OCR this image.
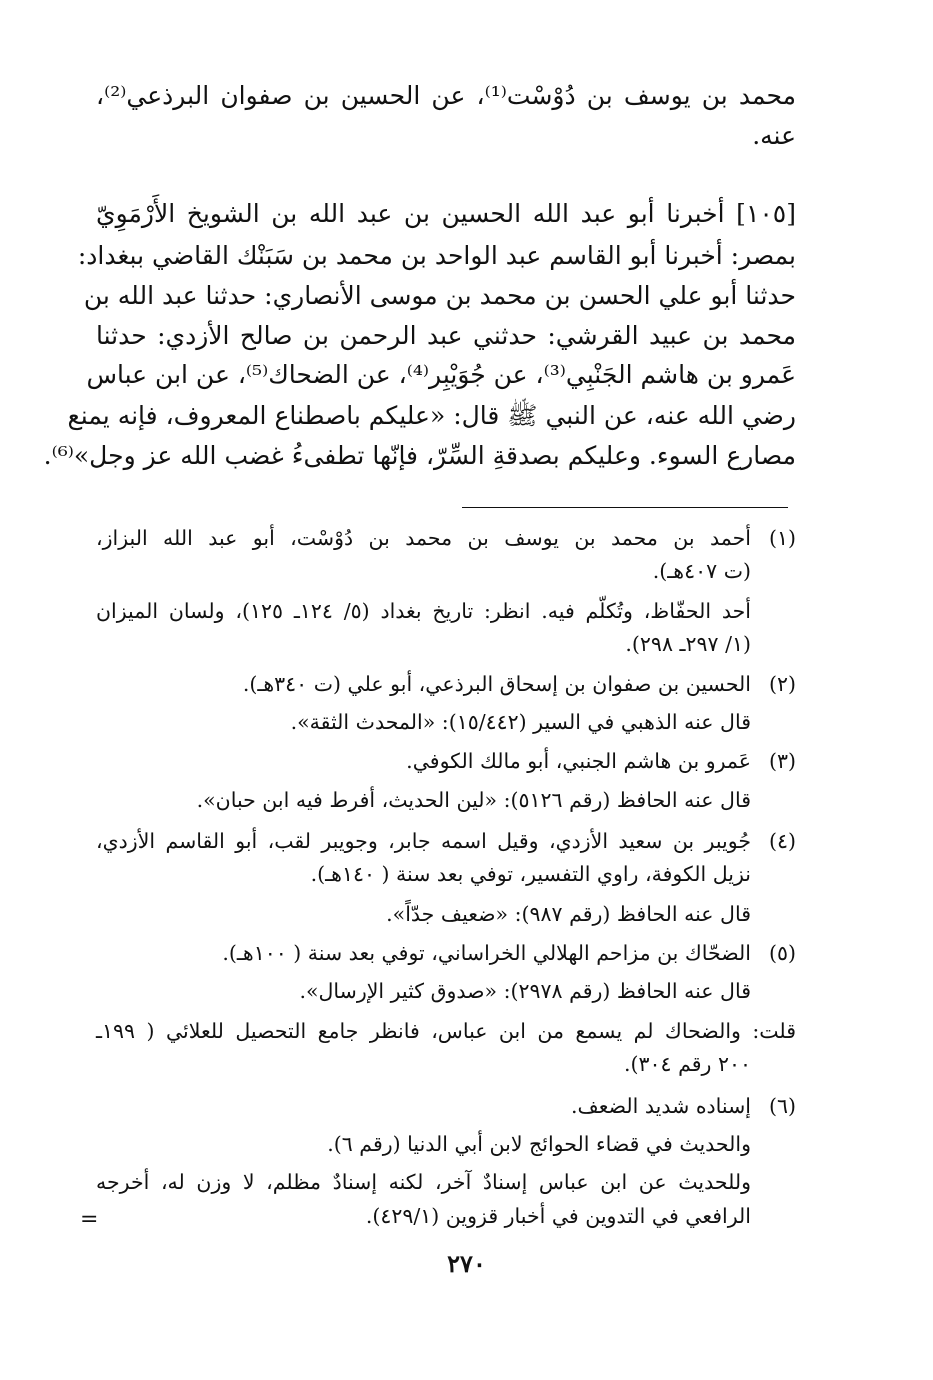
محمد بن يوسف بن دُوْسْت⁽¹⁾، عن الحسين بن صفوان البرذعي⁽²⁾،
عنه.
[١٠٥] أخبرنا أبو عبد الله الحسين بن عبد الله بن الشويخ الأَرْمَوِيّ
بمصر: أخبرنا أبو القاسم عبد الواحد بن محمد بن سَبَنْك القاضي ببغداد:
حدثنا أبو علي الحسن بن محمد بن موسى الأنصاري: حدثنا عبد الله بن
محمد بن عبيد القرشي: حدثني عبد الرحمن بن صالح الأزدي: حدثنا
عَمرو بن هاشم الجَنْبِي⁽³⁾، عن جُوَيْبِر⁽⁴⁾، عن الضحاك⁽⁵⁾، عن ابن عباس
رضي الله عنه، عن النبي ﷺ قال: «عليكم باصطناع المعروف، فإنه يمنع
مصارع السوء. وعليكم بصدقةِ السِّرّ، فإنّها تطفىءُ غضب الله عز وجل»⁽⁶⁾.
(١)
أحمد بن محمد بن يوسف بن محمد بن دُوْسْت، أبو عبد الله البزاز،
(ت ٤٠٧هـ).
أحد الحفّاظ، وتُكلّم فيه. انظر: تاريخ بغداد (٥/ ١٢٤ـ ١٢٥)، ولسان الميزان
(١/ ٢٩٧ـ ٢٩٨).
(٢)
الحسين بن صفوان بن إسحاق البرذعي، أبو علي (ت ٣٤٠هـ).
قال عنه الذهبي في السير (١٥/٤٤٢): «المحدث الثقة».
(٣)
عَمرو بن هاشم الجنبي، أبو مالك الكوفي.
قال عنه الحافظ (رقم ٥١٢٦): «لين الحديث، أفرط فيه ابن حبان».
(٤)
جُويبر بن سعيد الأزدي، وقيل اسمه جابر، وجويبر لقب، أبو القاسم الأزدي،
نزيل الكوفة، راوي التفسير، توفي بعد سنة ( ١٤٠هـ).
قال عنه الحافظ (رقم ٩٨٧): «ضعيف جدّاً».
(٥)
الضحّاك بن مزاحم الهلالي الخراساني، توفي بعد سنة ( ١٠٠هـ).
قال عنه الحافظ (رقم ٢٩٧٨): «صدوق كثير الإرسال».
قلت: والضحاك لم يسمع من ابن عباس، فانظر جامع التحصيل للعلائي ( ١٩٩ـ
٢٠٠ رقم ٣٠٤).
(٦)
إسناده شديد الضعف.
والحديث في قضاء الحوائج لابن أبي الدنيا (رقم ٦).
وللحديث عن ابن عباس إسنادٌ آخر، لكنه إسنادٌ مظلم، لا وزن له، أخرجه
الرافعي في التدوين في أخبار قزوين (٤٢٩/١).
=
٢٧٠
